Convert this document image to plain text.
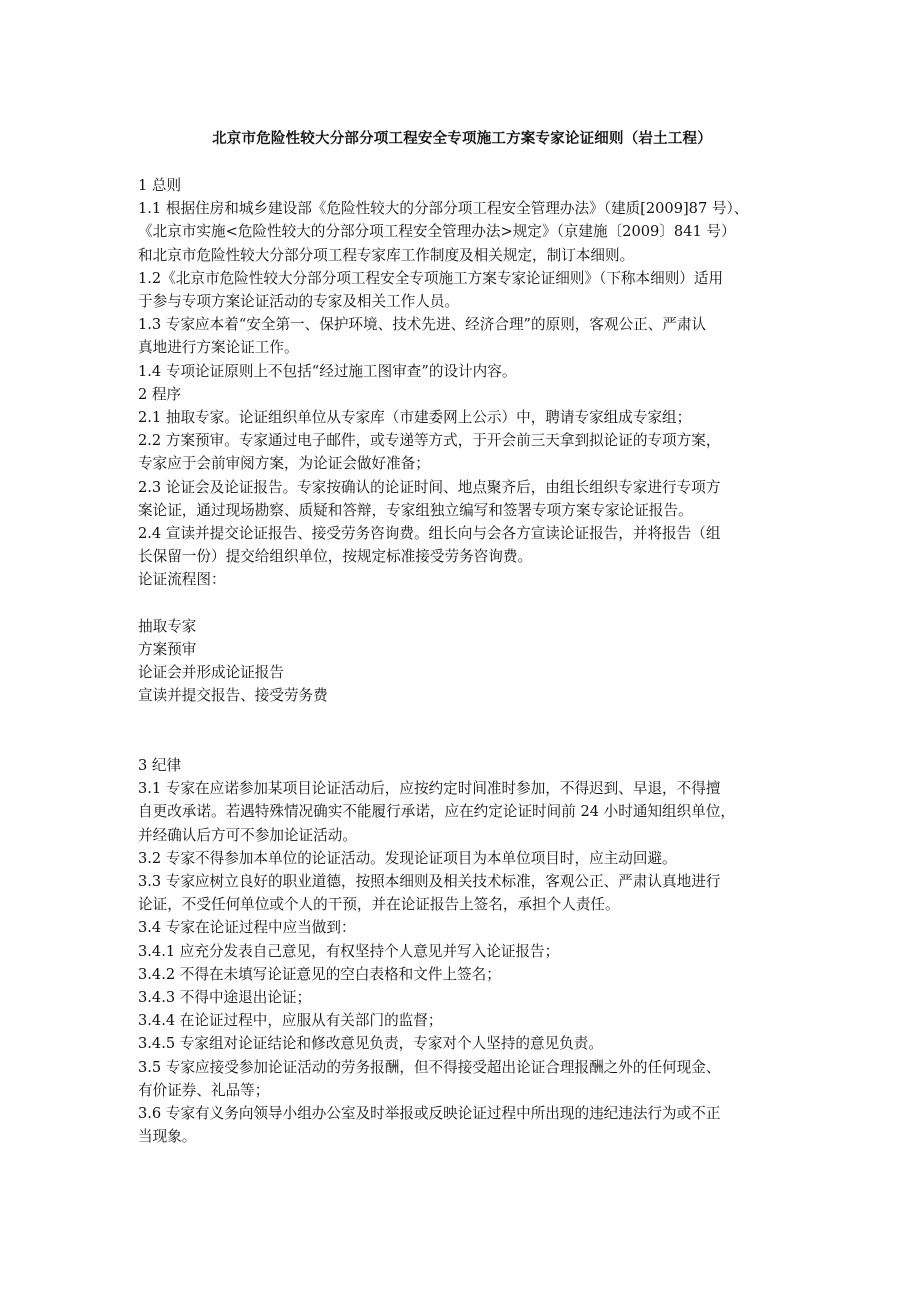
北京市危险性较大分部分项工程安全专项施工方案专家论证细则（岩土工程）
1 总则
1.1 根据住房和城乡建设部《危险性较大的分部分项工程安全管理办法》（建质[2009]87 号）、
《北京市实施<危险性较大的分部分项工程安全管理办法>规定》（京建施〔2009〕841 号）
和北京市危险性较大分部分项工程专家库工作制度及相关规定，制订本细则。
1.2《北京市危险性较大分部分项工程安全专项施工方案专家论证细则》（下称本细则）适用
于参与专项方案论证活动的专家及相关工作人员。
1.3 专家应本着“安全第一、保护环境、技术先进、经济合理”的原则，客观公正、严肃认
真地进行方案论证工作。
1.4 专项论证原则上不包括“经过施工图审查”的设计内容。
2 程序
2.1 抽取专家。论证组织单位从专家库（市建委网上公示）中，聘请专家组成专家组；
2.2 方案预审。专家通过电子邮件，或专递等方式，于开会前三天拿到拟论证的专项方案，
专家应于会前审阅方案，为论证会做好准备；
2.3 论证会及论证报告。专家按确认的论证时间、地点聚齐后，由组长组织专家进行专项方
案论证，通过现场勘察、质疑和答辩，专家组独立编写和签署专项方案专家论证报告。
2.4 宣读并提交论证报告、接受劳务咨询费。组长向与会各方宣读论证报告，并将报告（组
长保留一份）提交给组织单位，按规定标准接受劳务咨询费。
论证流程图：
抽取专家
方案预审
论证会并形成论证报告
宣读并提交报告、接受劳务费
3 纪律
3.1 专家在应诺参加某项目论证活动后，应按约定时间准时参加，不得迟到、早退，不得擅
自更改承诺。若遇特殊情况确实不能履行承诺，应在约定论证时间前 24 小时通知组织单位，
并经确认后方可不参加论证活动。
3.2 专家不得参加本单位的论证活动。发现论证项目为本单位项目时，应主动回避。
3.3 专家应树立良好的职业道德，按照本细则及相关技术标准，客观公正、严肃认真地进行
论证，不受任何单位或个人的干预，并在论证报告上签名，承担个人责任。
3.4 专家在论证过程中应当做到：
3.4.1 应充分发表自己意见，有权坚持个人意见并写入论证报告；
3.4.2 不得在未填写论证意见的空白表格和文件上签名；
3.4.3 不得中途退出论证；
3.4.4 在论证过程中，应服从有关部门的监督；
3.4.5 专家组对论证结论和修改意见负责，专家对个人坚持的意见负责。
3.5 专家应接受参加论证活动的劳务报酬，但不得接受超出论证合理报酬之外的任何现金、
有价证券、礼品等；
3.6 专家有义务向领导小组办公室及时举报或反映论证过程中所出现的违纪违法行为或不正
当现象。
